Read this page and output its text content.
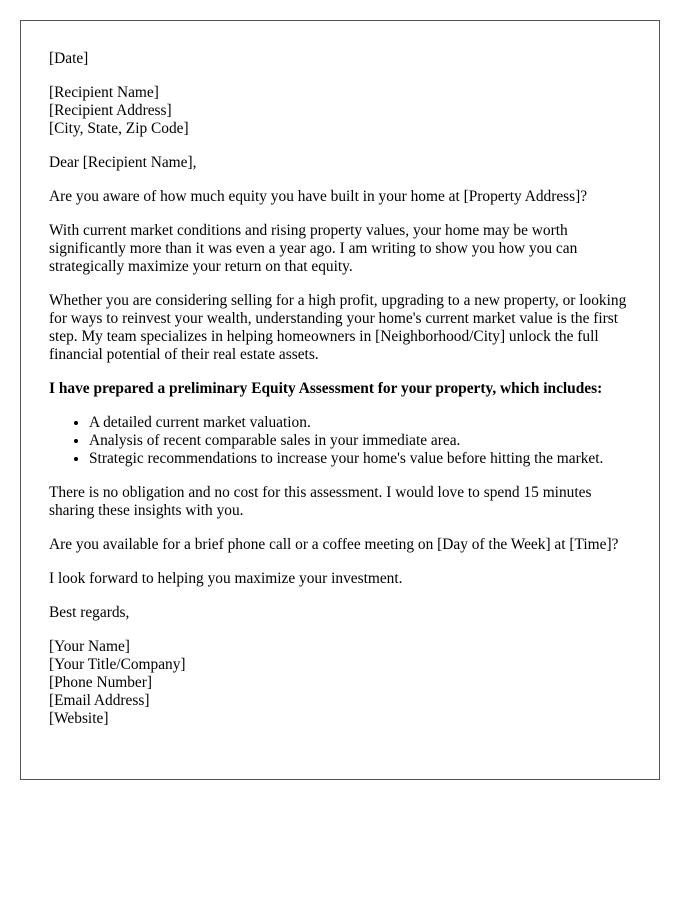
[Date]

[Recipient Name]
[Recipient Address]
[City, State, Zip Code]

Dear [Recipient Name],

Are you aware of how much equity you have built in your home at [Property Address]?

With current market conditions and rising property values, your home may be worth significantly more than it was even a year ago. I am writing to show you how you can strategically maximize your return on that equity.

Whether you are considering selling for a high profit, upgrading to a new property, or looking for ways to reinvest your wealth, understanding your home's current market value is the first step. My team specializes in helping homeowners in [Neighborhood/City] unlock the full financial potential of their real estate assets.

I have prepared a preliminary Equity Assessment for your property, which includes:

• A detailed current market valuation.
• Analysis of recent comparable sales in your immediate area.
• Strategic recommendations to increase your home's value before hitting the market.

There is no obligation and no cost for this assessment. I would love to spend 15 minutes sharing these insights with you.

Are you available for a brief phone call or a coffee meeting on [Day of the Week] at [Time]?

I look forward to helping you maximize your investment.

Best regards,

[Your Name]
[Your Title/Company]
[Phone Number]
[Email Address]
[Website]
